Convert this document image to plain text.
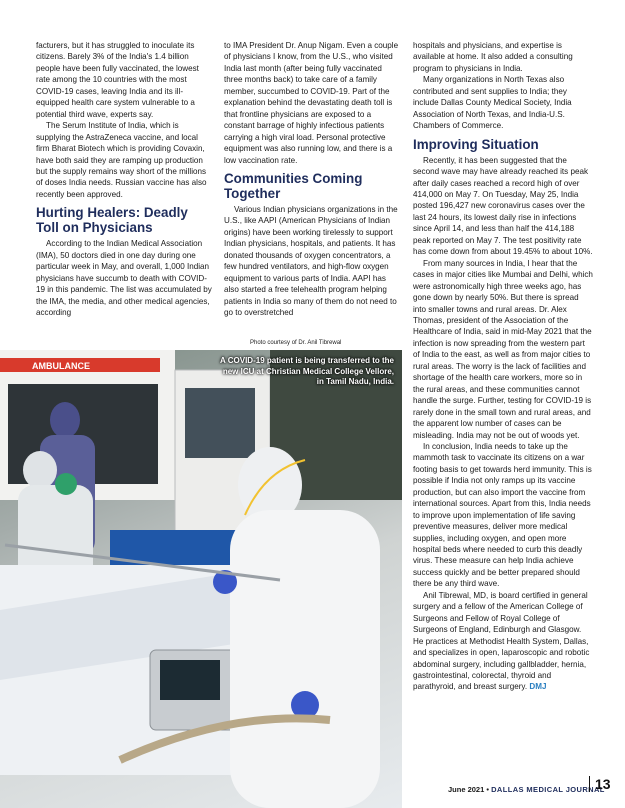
facturers, but it has struggled to inoculate its citizens. Barely 3% of the India's 1.4 billion people have been fully vaccinated, the lowest rate among the 10 countries with the most COVID-19 cases, leaving India and its ill-equipped health care system vulnerable to a potential third wave, experts say.

The Serum Institute of India, which is supplying the AstraZeneca vaccine, and local firm Bharat Biotech which is providing Covaxin, have both said they are ramping up production but the supply remains way short of the millions of doses India needs. Russian vaccine has also recently been approved.

Hurting Healers: Deadly Toll on Physicians

According to the Indian Medical Association (IMA), 50 doctors died in one day during one particular week in May, and overall, 1,000 Indian physicians have succumb to death with COVID-19 in this pandemic. The list was accumulated by the IMA, the media, and other medical agencies, according

to IMA President Dr. Anup Nigam. Even a couple of physicians I know, from the U.S., who visited India last month (after being fully vaccinated three months back) to take care of a family member, succumbed to COVID-19. Part of the explanation behind the devastating death toll is that frontline physicians are exposed to a constant barrage of highly infectious patients carrying a high viral load. Personal protective equipment was also running low, and there is a low vaccination rate.

Communities Coming Together

Various Indian physicians organizations in the U.S., like AAPI (American Physicians of Indian origins) have been working tirelessly to support Indian physicians, hospitals, and patients. It has donated thousands of oxygen concentrators, a few hundred ventilators, and high-flow oxygen equipment to various parts of India. AAPI has also started a free telehealth program helping patients in India so many of them do not need to go to overstretched

Photo courtesy of Dr. Anil Tibrewal
AMBULANCE
A COVID-19 patient is being transferred to the new ICU at Christian Medical College Vellore, in Tamil Nadu, India.

hospitals and physicians, and expertise is available at home. It also added a consulting program to physicians in India.

Many organizations in North Texas also contributed and sent supplies to India; they include Dallas County Medical Society, India Association of North Texas, and India-U.S. Chambers of Commerce.

Improving Situation

Recently, it has been suggested that the second wave may have already reached its peak after daily cases reached a record high of over 414,000 on May 7. On Tuesday, May 25, India posted 196,427 new coronavirus cases over the last 24 hours, its lowest daily rise in infections since April 14, and less than half the 414,188 peak reported on May 7. The test positivity rate has come down from about 19.45% to about 10%.

From many sources in India, I hear that the cases in major cities like Mumbai and Delhi, which were astronomically high three weeks ago, has gone down by nearly 50%. But there is spread into smaller towns and rural areas. Dr. Alex Thomas, president of the Association of the Healthcare of India, said in mid-May 2021 that the infection is now spreading from the western part of India to the east, as well as from major cities to rural areas. The worry is the lack of facilities and shortage of the health care workers, more so in the rural areas, and these communities cannot handle the surge. Further, testing for COVID-19 is rarely done in the small town and rural areas, and the apparent low number of cases can be misleading. India may not be out of woods yet.

In conclusion, India needs to take up the mammoth task to vaccinate its citizens on a war footing basis to get towards herd immunity. This is possible if India not only ramps up its vaccine production, but can also import the vaccine from international sources. Apart from this, India needs to improve upon implementation of life saving preventive measures, deliver more medical supplies, including oxygen, and open more hospital beds where needed to curb this deadly virus. These measure can help India achieve success quickly and be better prepared should there be any third wave.

Anil Tibrewal, MD, is board certified in general surgery and a fellow of the American College of Surgeons and Fellow of Royal College of Surgeons of England, Edinburgh and Glasgow. He practices at Methodist Health System, Dallas, and specializes in open, laparoscopic and robotic abdominal surgery, including gallbladder, hernia, gastrointestinal, colorectal, thyroid and parathyroid, and breast surgery. DMJ

June 2021 • DALLAS MEDICAL JOURNAL
13
